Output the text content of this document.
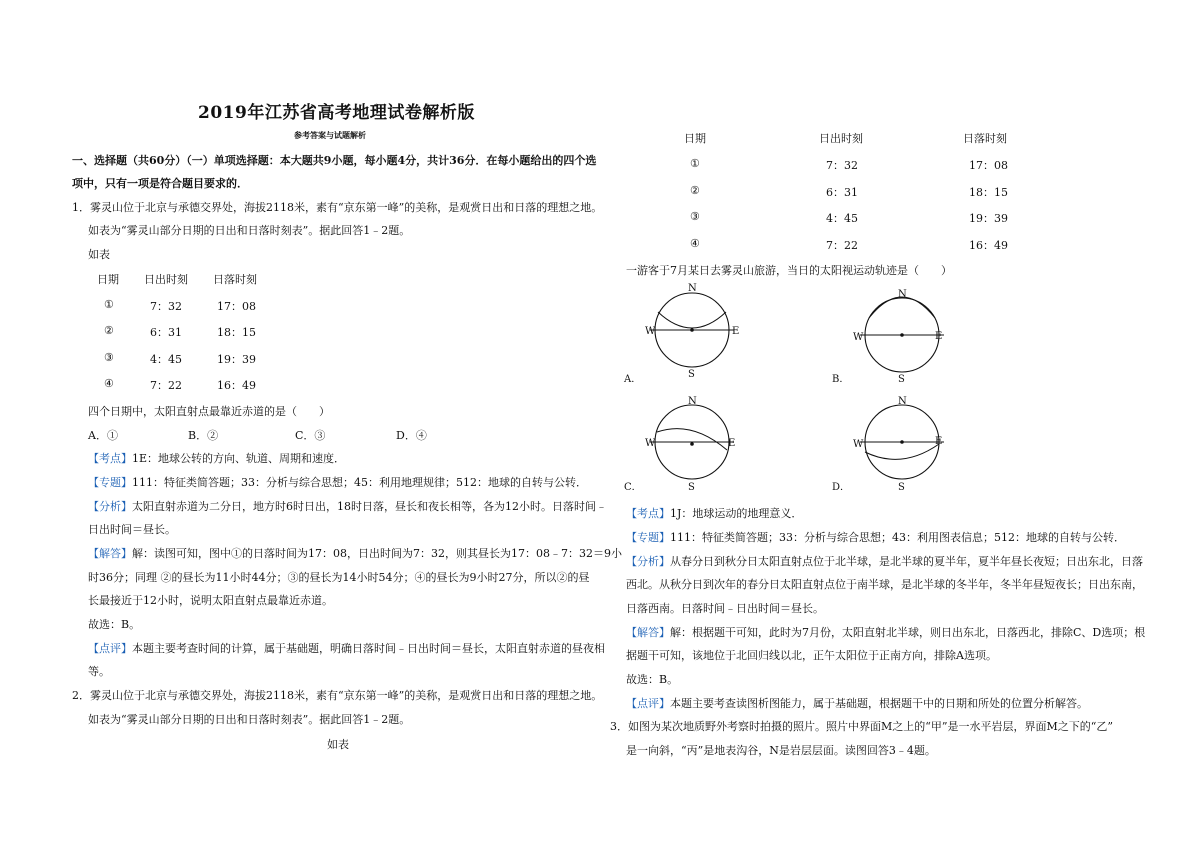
2019年江苏省高考地理试卷解析版
参考答案与试题解析
一、选择题（共60分）（一）单项选择题：本大题共9小题，每小题4分，共计36分．在每小题给出的四个选
项中，只有一项是符合题目要求的．
1．雾灵山位于北京与承德交界处，海拔2118米，素有“京东第一峰”的美称，是观赏日出和日落的理想之地。
如表为“雾灵山部分日期的日出和日落时刻表”。据此回答1﹣2题。
如表
日期 日出时刻 日落时刻
①	7：32	17：08
②	6：31	18：15
③	4：45	19：39
④	7：22	16：49
四个日期中，太阳直射点最靠近赤道的是（　　）
A．①	B．②	C．③	D．④
【考点】1E：地球公转的方向、轨道、周期和速度．
【专题】111：特征类简答题；33：分析与综合思想；45：利用地理规律；512：地球的自转与公转．
【分析】太阳直射赤道为二分日，地方时6时日出，18时日落，昼长和夜长相等，各为12小时。日落时间﹣
日出时间＝昼长。
【解答】解：读图可知，图中①的日落时间为17：08，日出时间为7：32，则其昼长为17：08﹣7：32＝9小
时36分；同理 ②的昼长为11小时44分；③的昼长为14小时54分；④的昼长为9小时27分，所以②的昼
长最接近于12小时，说明太阳直射点最靠近赤道。
故选：B。
【点评】本题主要考查时间的计算，属于基础题，明确日落时间﹣日出时间＝昼长，太阳直射赤道的昼夜相
等。
2．雾灵山位于北京与承德交界处，海拔2118米，素有“京东第一峰”的美称，是观赏日出和日落的理想之地。
如表为“雾灵山部分日期的日出和日落时刻表”。据此回答1﹣2题。
如表
日期	日出时刻	日落时刻
①	7：32	17：08
②	6：31	18：15
③	4：45	19：39
④	7：22	16：49
一游客于7月某日去雾灵山旅游，当日的太阳视运动轨迹是（　　）
N
S
W	E
A．
N
S
W	E
B．
N
S
W	E
C．
N
S
W	E
D．
【考点】1J：地球运动的地理意义．
【专题】111：特征类简答题；33：分析与综合思想；43：利用图表信息；512：地球的自转与公转．
【分析】从春分日到秋分日太阳直射点位于北半球，是北半球的夏半年，夏半年昼长夜短；日出东北，日落
西北。从秋分日到次年的春分日太阳直射点位于南半球，是北半球的冬半年，冬半年昼短夜长；日出东南，
日落西南。日落时间﹣日出时间＝昼长。
【解答】解：根据题干可知，此时为7月份，太阳直射北半球，则日出东北，日落西北，排除C、D选项；根
据题干可知，该地位于北回归线以北，正午太阳位于正南方向，排除A选项。
故选：B。
【点评】本题主要考查读图析图能力，属于基础题，根据题干中的日期和所处的位置分析解答。
3．如图为某次地质野外考察时拍摄的照片。照片中界面M之上的“甲”是一水平岩层，界面M之下的“乙”
是一向斜，“丙”是地表沟谷，N是岩层层面。读图回答3﹣4题。
